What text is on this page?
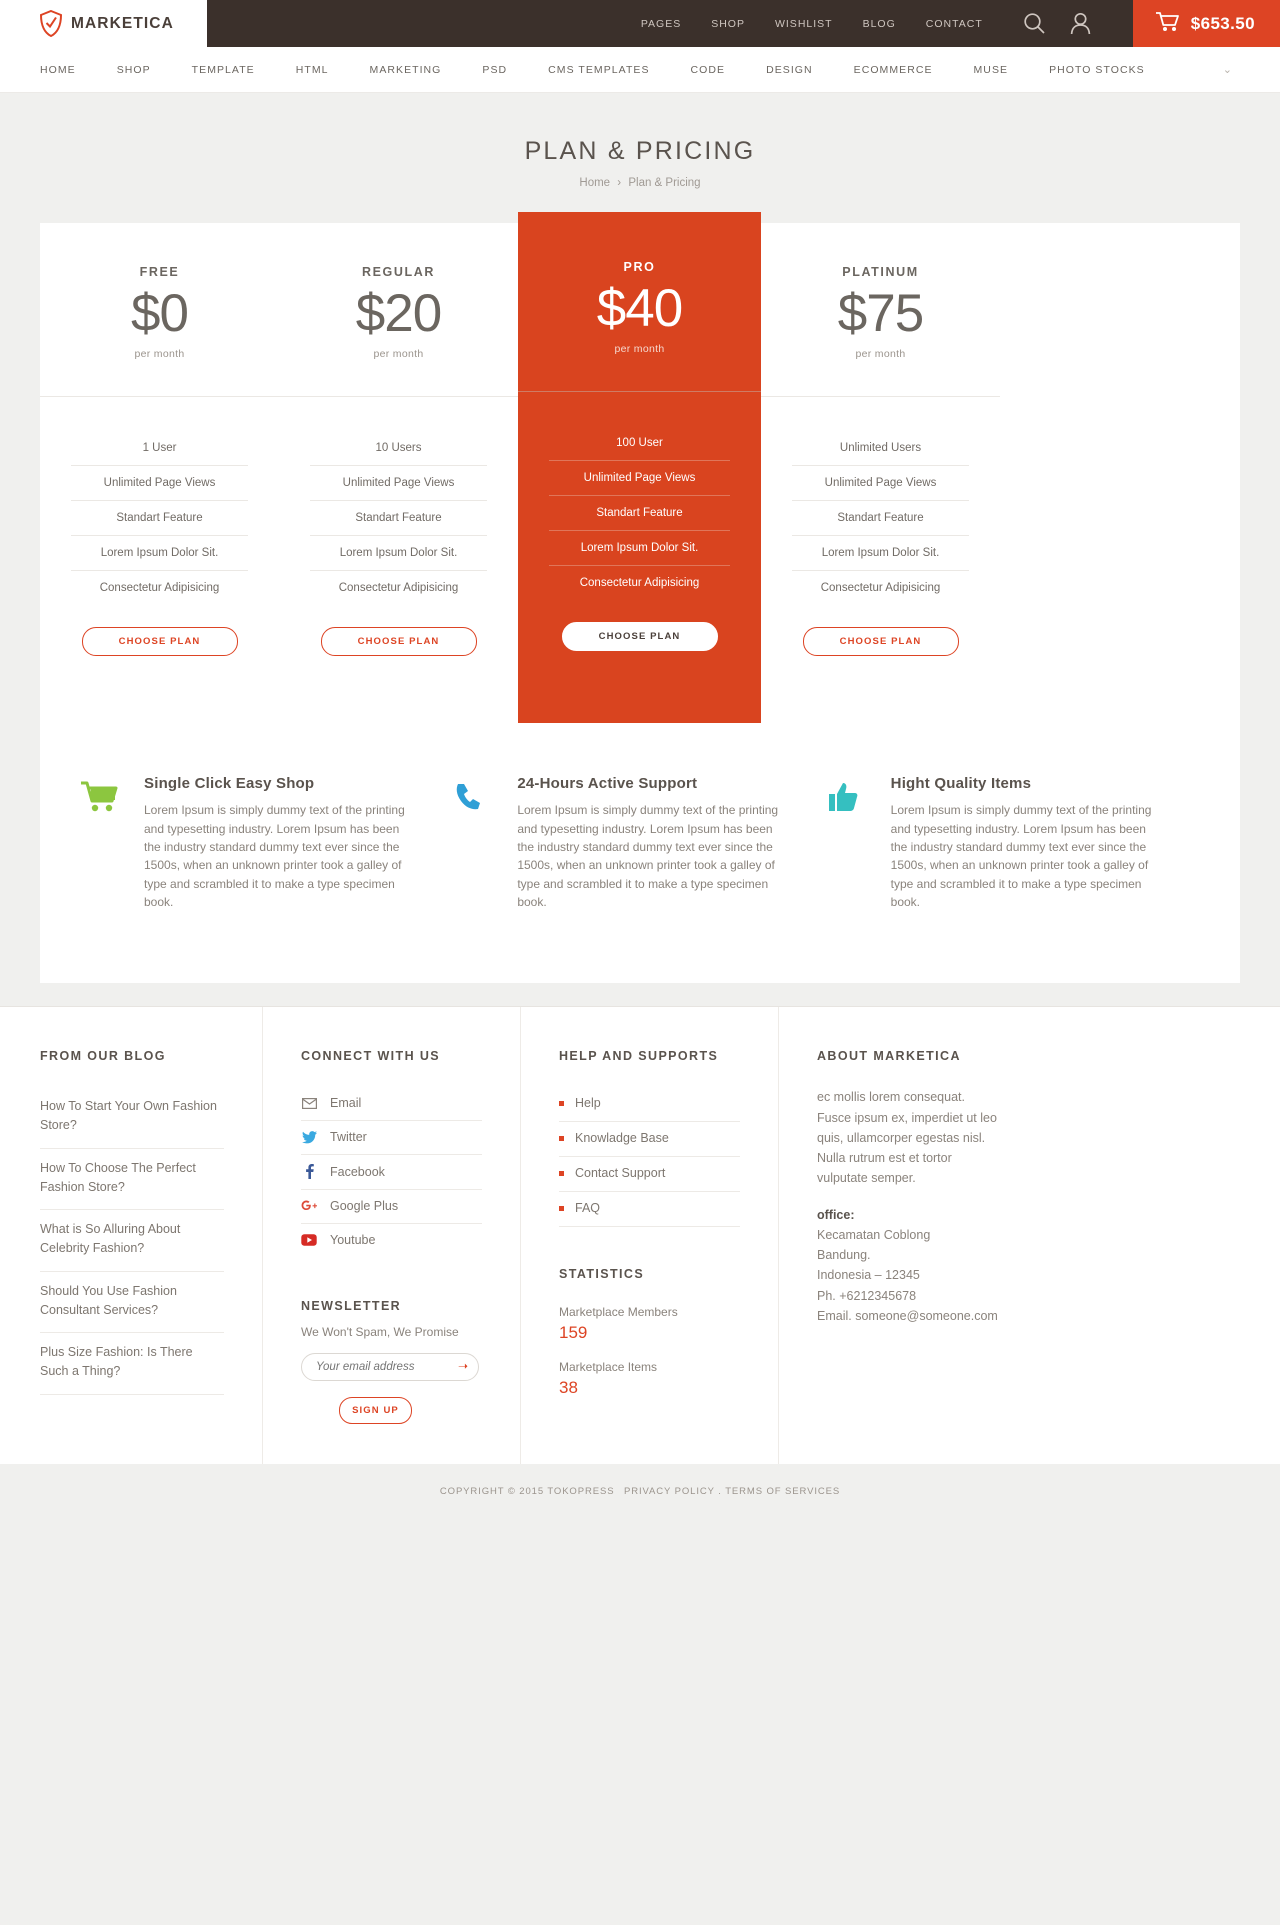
MARKETICA	PAGES	SHOP	WISHLIST	BLOG	CONTACT	$653.50
HOME	SHOP	TEMPLATE	HTML	MARKETING	PSD	CMS TEMPLATES	CODE	DESIGN	ECOMMERCE	MUSE	PHOTO STOCKS	⌄
PLAN & PRICING
Home › Plan & Pricing
FREE
$0
per month
1 User
Unlimited Page Views
Standart Feature
Lorem Ipsum Dolor Sit.
Consectetur Adipisicing
CHOOSE PLAN
REGULAR
$20
per month
10 Users
Unlimited Page Views
Standart Feature
Lorem Ipsum Dolor Sit.
Consectetur Adipisicing
CHOOSE PLAN
PRO
$40
per month
100 User
Unlimited Page Views
Standart Feature
Lorem Ipsum Dolor Sit.
Consectetur Adipisicing
CHOOSE PLAN
PLATINUM
$75
per month
Unlimited Users
Unlimited Page Views
Standart Feature
Lorem Ipsum Dolor Sit.
Consectetur Adipisicing
CHOOSE PLAN
Single Click Easy Shop

Lorem Ipsum is simply dummy text of the printing and typesetting industry. Lorem Ipsum has been the industry standard dummy text ever since the 1500s, when an unknown printer took a galley of type and scrambled it to make a type specimen book.

24-Hours Active Support

Lorem Ipsum is simply dummy text of the printing and typesetting industry. Lorem Ipsum has been the industry standard dummy text ever since the 1500s, when an unknown printer took a galley of type and scrambled it to make a type specimen book.

Hight Quality Items

Lorem Ipsum is simply dummy text of the printing and typesetting industry. Lorem Ipsum has been the industry standard dummy text ever since the 1500s, when an unknown printer took a galley of type and scrambled it to make a type specimen book.

FROM OUR BLOG
How To Start Your Own Fashion Store?
How To Choose The Perfect Fashion Store?
What is So Alluring About Celebrity Fashion?
Should You Use Fashion Consultant Services?
Plus Size Fashion: Is There Such a Thing?
CONNECT WITH US
Email
Twitter
Facebook
Google Plus
Youtube
NEWSLETTER
We Won't Spam, We Promise
Your email address
➝
SIGN UP
HELP AND SUPPORTS
Help
Knowladge Base
Contact Support
FAQ
STATISTICS
Marketplace Members
159
Marketplace Items
38
ABOUT MARKETICA

ec mollis lorem consequat. Fusce ipsum ex, imperdiet ut leo quis, ullamcorper egestas nisl. Nulla rutrum est et tortor vulputate semper.

office:
Kecamatan Coblong
Bandung.
Indonesia – 12345
Ph. +6212345678
Email. someone@someone.com
COPYRIGHT © 2015 TOKOPRESS PRIVACY POLICY . TERMS OF SERVICES
